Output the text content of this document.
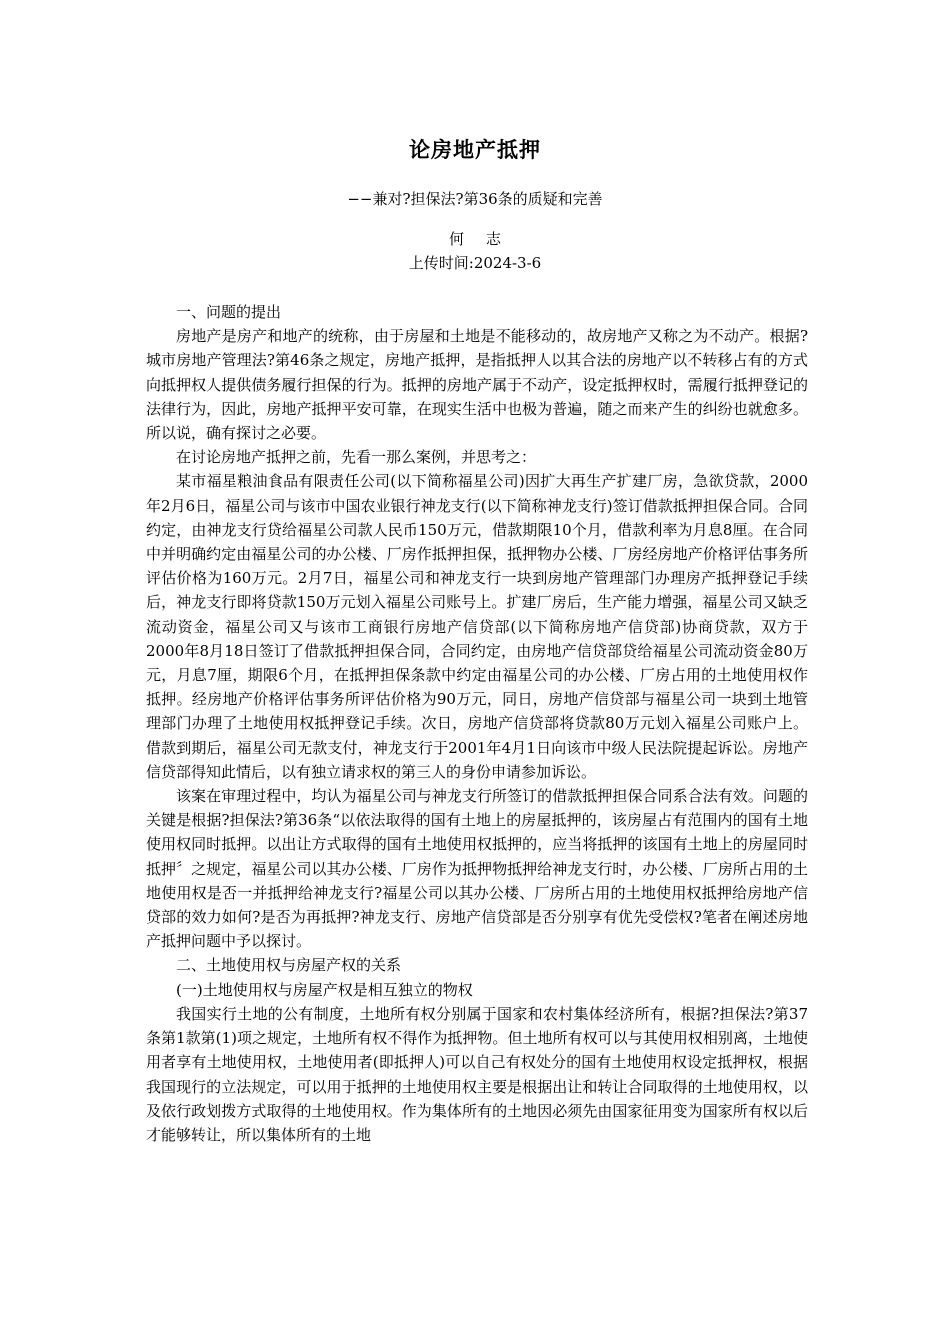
论房地产抵押
−−兼对?担保法?第36条的质疑和完善
何 志
上传时间:2024-3-6

一、问题的提出

房地产是房产和地产的统称，由于房屋和土地是不能移动的，故房地产又称之为不动产。根据?城市房地产管理法?第46条之规定，房地产抵押，是指抵押人以其合法的房地产以不转移占有的方式向抵押权人提供债务履行担保的行为。抵押的房地产属于不动产，设定抵押权时，需履行抵押登记的法律行为，因此，房地产抵押平安可靠，在现实生活中也极为普遍，随之而来产生的纠纷也就愈多。所以说，确有探讨之必要。

在讨论房地产抵押之前，先看一那么案例，并思考之：

某市福星粮油食品有限责任公司(以下简称福星公司)因扩大再生产扩建厂房，急欲贷款，2000年2月6日，福星公司与该市中国农业银行神龙支行(以下简称神龙支行)签订借款抵押担保合同。合同约定，由神龙支行贷给福星公司款人民币150万元，借款期限10个月，借款利率为月息8厘。在合同中并明确约定由福星公司的办公楼、厂房作抵押担保，抵押物办公楼、厂房经房地产价格评估事务所评估价格为160万元。2月7日，福星公司和神龙支行一块到房地产管理部门办理房产抵押登记手续后，神龙支行即将贷款150万元划入福星公司账号上。扩建厂房后，生产能力增强，福星公司又缺乏流动资金，福星公司又与该市工商银行房地产信贷部(以下简称房地产信贷部)协商贷款，双方于2000年8月18日签订了借款抵押担保合同，合同约定，由房地产信贷部贷给福星公司流动资金80万元，月息7厘，期限6个月，在抵押担保条款中约定由福星公司的办公楼、厂房占用的土地使用权作抵押。经房地产价格评估事务所评估价格为90万元，同日，房地产信贷部与福星公司一块到土地管理部门办理了土地使用权抵押登记手续。次日，房地产信贷部将贷款80万元划入福星公司账户上。借款到期后，福星公司无款支付，神龙支行于2001年4月1日向该市中级人民法院提起诉讼。房地产信贷部得知此情后，以有独立请求权的第三人的身份申请参加诉讼。

该案在审理过程中，均认为福星公司与神龙支行所签订的借款抵押担保合同系合法有效。问题的关键是根据?担保法?第36条“以依法取得的国有土地上的房屋抵押的，该房屋占有范围内的国有土地使用权同时抵押。以出让方式取得的国有土地使用权抵押的，应当将抵押的该国有土地上的房屋同时抵押〞之规定，福星公司以其办公楼、厂房作为抵押物抵押给神龙支行时，办公楼、厂房所占用的土地使用权是否一并抵押给神龙支行?福星公司以其办公楼、厂房所占用的土地使用权抵押给房地产信贷部的效力如何?是否为再抵押?神龙支行、房地产信贷部是否分别享有优先受偿权?笔者在阐述房地产抵押问题中予以探讨。

二、土地使用权与房屋产权的关系

(一)土地使用权与房屋产权是相互独立的物权

我国实行土地的公有制度，土地所有权分别属于国家和农村集体经济所有，根据?担保法?第37条第1款第(1)项之规定，土地所有权不得作为抵押物。但土地所有权可以与其使用权相别离，土地使用者享有土地使用权，土地使用者(即抵押人)可以自己有权处分的国有土地使用权设定抵押权，根据我国现行的立法规定，可以用于抵押的土地使用权主要是根据出让和转让合同取得的土地使用权，以及依行政划拨方式取得的土地使用权。作为集体所有的土地因必须先由国家征用变为国家所有权以后才能够转让，所以集体所有的土地
